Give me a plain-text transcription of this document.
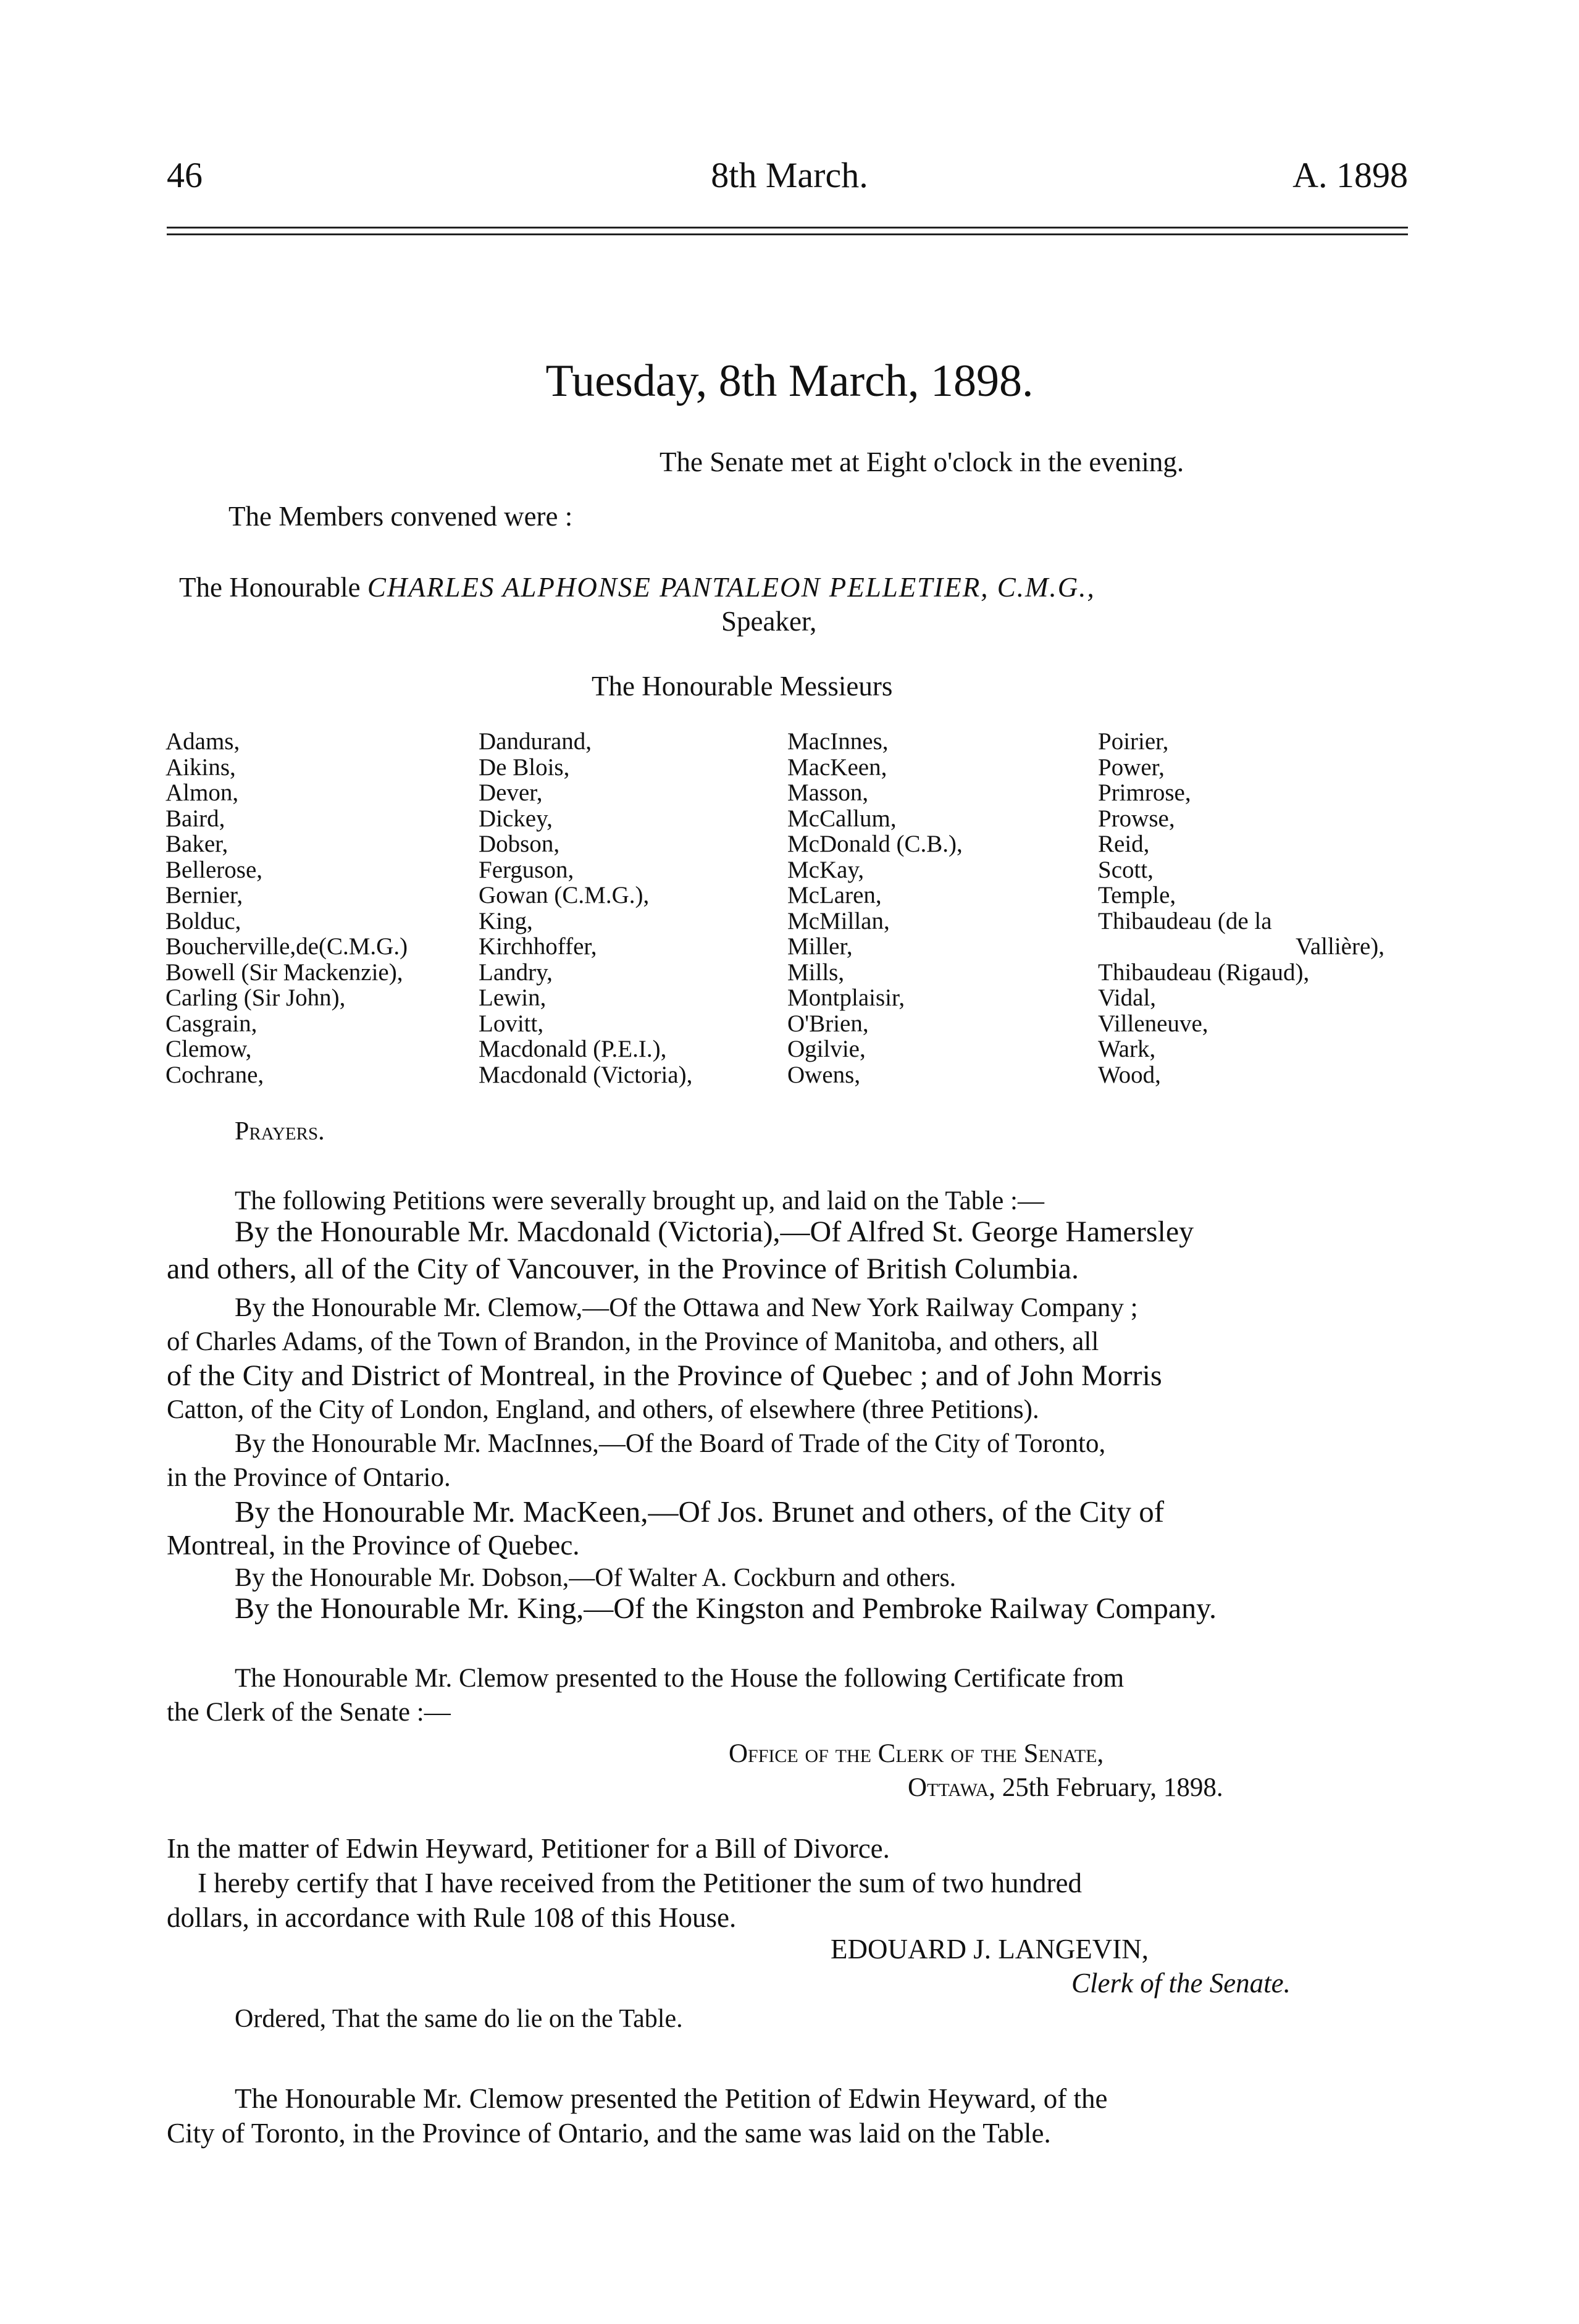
46	8th March.	A. 1898
Tuesday, 8th March, 1898.
The Senate met at Eight o'clock in the evening.
The Members convened were :
The Honourable CHARLES ALPHONSE PANTALEON PELLETIER, C.M.G.,
Speaker,
The Honourable Messieurs
Adams,
Aikins,
Almon,
Baird,
Baker,
Bellerose,
Bernier,
Bolduc,
Boucherville,de(C.M.G.)
Bowell (Sir Mackenzie),
Carling (Sir John),
Casgrain,
Clemow,
Cochrane,
Dandurand,
De Blois,
Dever,
Dickey,
Dobson,
Ferguson,
Gowan (C.M.G.),
King,
Kirchhoffer,
Landry,
Lewin,
Lovitt,
Macdonald (P.E.I.),
Macdonald (Victoria),
MacInnes,
MacKeen,
Masson,
McCallum,
McDonald (C.B.),
McKay,
McLaren,
McMillan,
Miller,
Mills,
Montplaisir,
O'Brien,
Ogilvie,
Owens,
Poirier,
Power,
Primrose,
Prowse,
Reid,
Scott,
Temple,
Thibaudeau (de la
Vallière),
Thibaudeau (Rigaud),
Vidal,
Villeneuve,
Wark,
Wood,
Prayers.
The following Petitions were severally brought up, and laid on the Table :—
By the Honourable Mr. Macdonald (Victoria),—Of Alfred St. George Hamersley
and others, all of the City of Vancouver, in the Province of British Columbia.
By the Honourable Mr. Clemow,—Of the Ottawa and New York Railway Company ;
of Charles Adams, of the Town of Brandon, in the Province of Manitoba, and others, all
of the City and District of Montreal, in the Province of Quebec ; and of John Morris
Catton, of the City of London, England, and others, of elsewhere (three Petitions).
By the Honourable Mr. MacInnes,—Of the Board of Trade of the City of Toronto,
in the Province of Ontario.
By the Honourable Mr. MacKeen,—Of Jos. Brunet and others, of the City of
Montreal, in the Province of Quebec.
By the Honourable Mr. Dobson,—Of Walter A. Cockburn and others.
By the Honourable Mr. King,—Of the Kingston and Pembroke Railway Company.
The Honourable Mr. Clemow presented to the House the following Certificate from
the Clerk of the Senate :—
Office of the Clerk of the Senate,
Ottawa, 25th February, 1898.
In the matter of Edwin Heyward, Petitioner for a Bill of Divorce.
I hereby certify that I have received from the Petitioner the sum of two hundred
dollars, in accordance with Rule 108 of this House.
EDOUARD J. LANGEVIN,
Clerk of the Senate.
Ordered, That the same do lie on the Table.
The Honourable Mr. Clemow presented the Petition of Edwin Heyward, of the
City of Toronto, in the Province of Ontario, and the same was laid on the Table.
